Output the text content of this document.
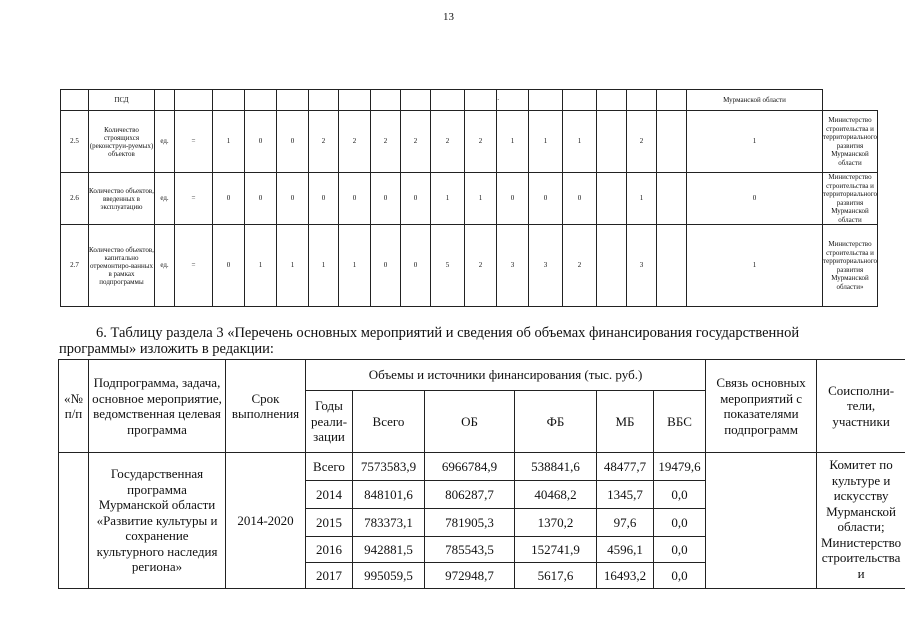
13
	ПСД												·						Мурманской области	
2.5	Количество строящихся (реконструи-руемых) объектов	ед.	=	1	0	0	2	2	2	2	2	2	1	1	1		2		1	Министерство строительства и территориального развития Мурманской области
2.6	Количество объектов, введенных в эксплуатацию	ед.	=	0	0	0	0	0	0	0	1	1	0	0	0		1		0	Министерство строительства и территориального развития Мурманской области
2.7	Количество объектов, капитально отремонтиро-ванных в рамках подпрограммы	ед.	=	0	1	1	1	1	0	0	5	2	3	3	2		3		1	Министерство строительства и территориального развития Мурманской области»
6. Таблицу раздела 3 «Перечень основных мероприятий и сведения об объемах финансирования государственной
программы» изложить в редакции:
«№ п/п	Подпрограмма, задача, основное мероприятие, ведомственная целевая программа	Срок выполнения	Объемы и источники финансирования (тыс. руб.)						Связь основных мероприятий с показателями подпрограмм	Соисполни-тели, участники
			Годы реали-зации	Всего	ОБ	ФБ	МБ	ВБС		
	Государственная программа Мурманской области «Развитие культуры и сохранение культурного наследия региона»	2014-2020	Всего	7573583,9	6966784,9	538841,6	48477,7	19479,6		Комитет по культуре и искусству Мурманской области; Министерство строительства и
			2014	848101,6	806287,7	40468,2	1345,7	0,0		
			2015	783373,1	781905,3	1370,2	97,6	0,0		
			2016	942881,5	785543,5	152741,9	4596,1	0,0		
			2017	995059,5	972948,7	5617,6	16493,2	0,0		
